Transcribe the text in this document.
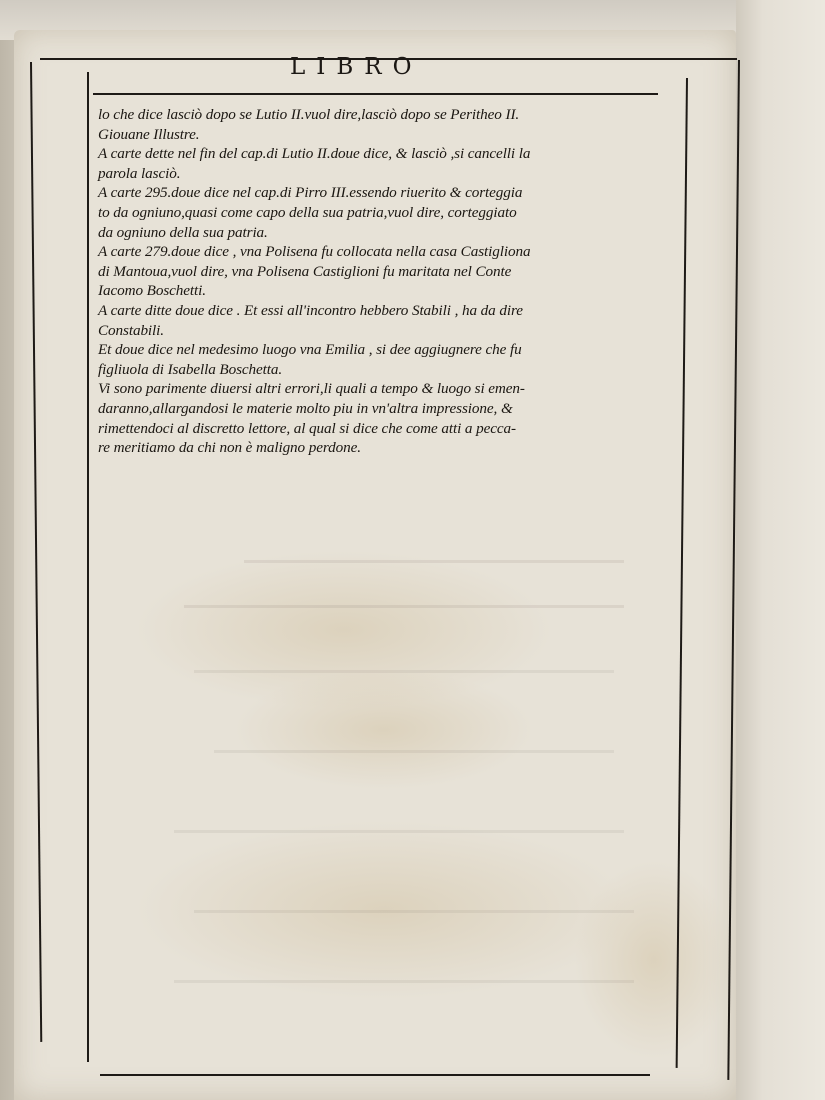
LIBRO

lo che dice lasciò dopo se Lutio II.vuol dire,lasciò dopo se Peritheo II.
Giouane Illustre.

A carte dette nel fin del cap.di Lutio II.doue dice, & lasciò ,si cancelli la
parola lasciò.

A carte 295.doue dice nel cap.di Pirro III.essendo riuerito & corteggia
to da ogniuno,quasi come capo della sua patria,vuol dire, corteggiato
da ogniuno della sua patria.

A carte 279.doue dice , vna Polisena fu collocata nella casa Castigliona
di Mantoua,vuol dire, vna Polisena Castiglioni fu maritata nel Conte
Iacomo Boschetti.

A carte ditte doue dice . Et essi all'incontro hebbero Stabili , ha da dire
Constabili.

Et doue dice nel medesimo luogo vna Emilia , si dee aggiugnere che fu
figliuola di Isabella Boschetta.

Vi sono parimente diuersi altri errori,li quali a tempo & luogo si emen-
daranno,allargandosi le materie molto piu in vn'altra impressione, &
rimettendoci al discretto lettore, al qual si dice che come atti a pecca-
re meritiamo da chi non è maligno perdone.
